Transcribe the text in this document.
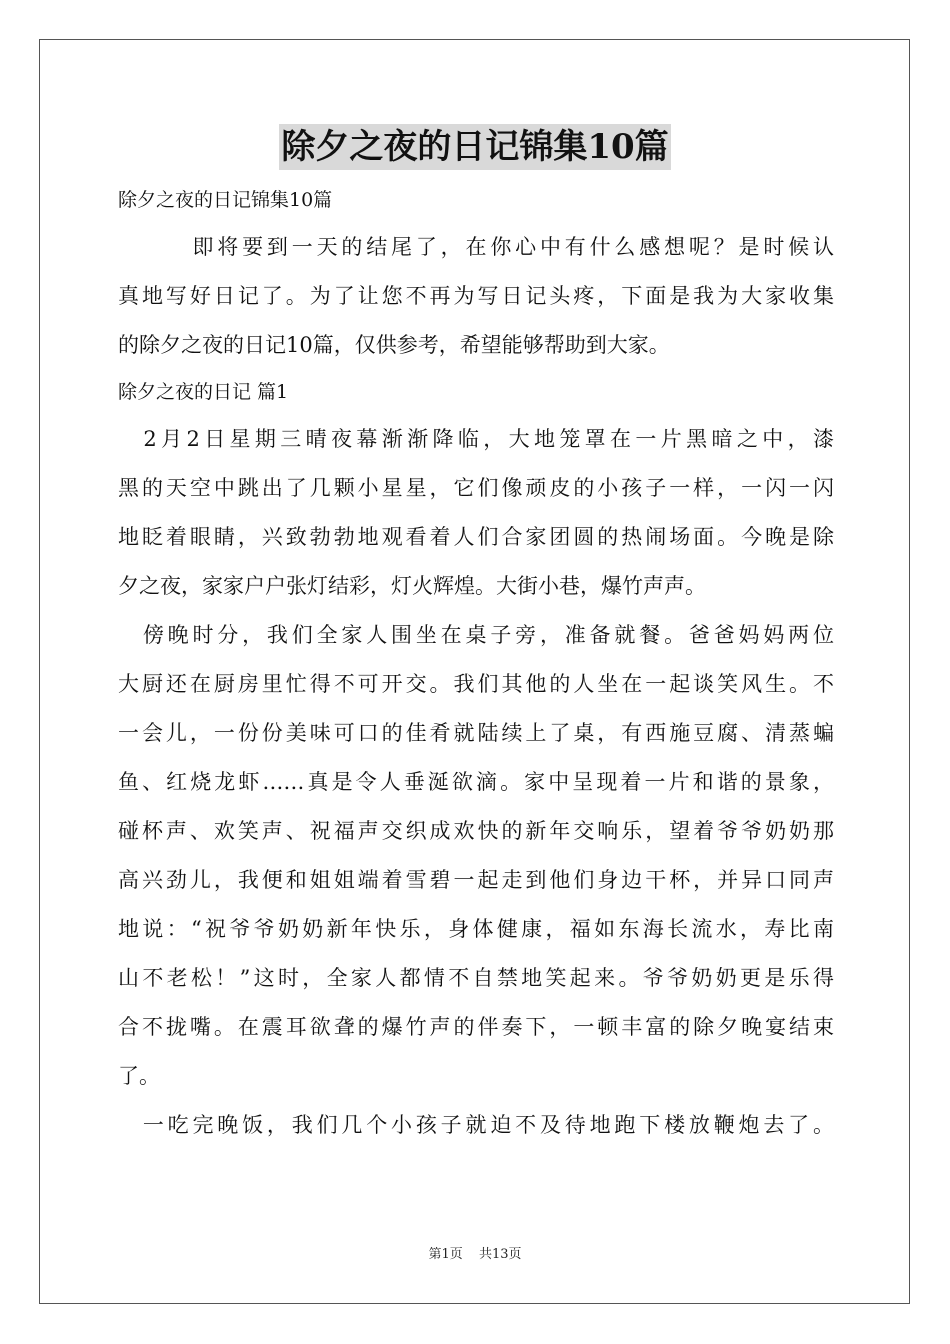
除夕之夜的日记锦集10篇
除夕之夜的日记锦集10篇
　　　即将要到一天的结尾了，在你心中有什么感想呢？是时候认
真地写好日记了。为了让您不再为写日记头疼，下面是我为大家收集
的除夕之夜的日记10篇，仅供参考，希望能够帮助到大家。
除夕之夜的日记 篇1
　2月2日星期三晴夜幕渐渐降临，大地笼罩在一片黑暗之中，漆
黑的天空中跳出了几颗小星星，它们像顽皮的小孩子一样，一闪一闪
地眨着眼睛，兴致勃勃地观看着人们合家团圆的热闹场面。今晚是除
夕之夜，家家户户张灯结彩，灯火辉煌。大街小巷，爆竹声声。
　傍晚时分，我们全家人围坐在桌子旁，准备就餐。爸爸妈妈两位
大厨还在厨房里忙得不可开交。我们其他的人坐在一起谈笑风生。不
一会儿，一份份美味可口的佳肴就陆续上了桌，有西施豆腐、清蒸蝙
鱼、红烧龙虾……真是令人垂涎欲滴。家中呈现着一片和谐的景象，
碰杯声、欢笑声、祝福声交织成欢快的新年交响乐，望着爷爷奶奶那
高兴劲儿，我便和姐姐端着雪碧一起走到他们身边干杯，并异口同声
地说：“祝爷爷奶奶新年快乐，身体健康，福如东海长流水，寿比南
山不老松！”这时，全家人都情不自禁地笑起来。爷爷奶奶更是乐得
合不拢嘴。在震耳欲聋的爆竹声的伴奏下，一顿丰富的除夕晚宴结束
了。
　一吃完晚饭，我们几个小孩子就迫不及待地跑下楼放鞭炮去了。
第1页 共13页
